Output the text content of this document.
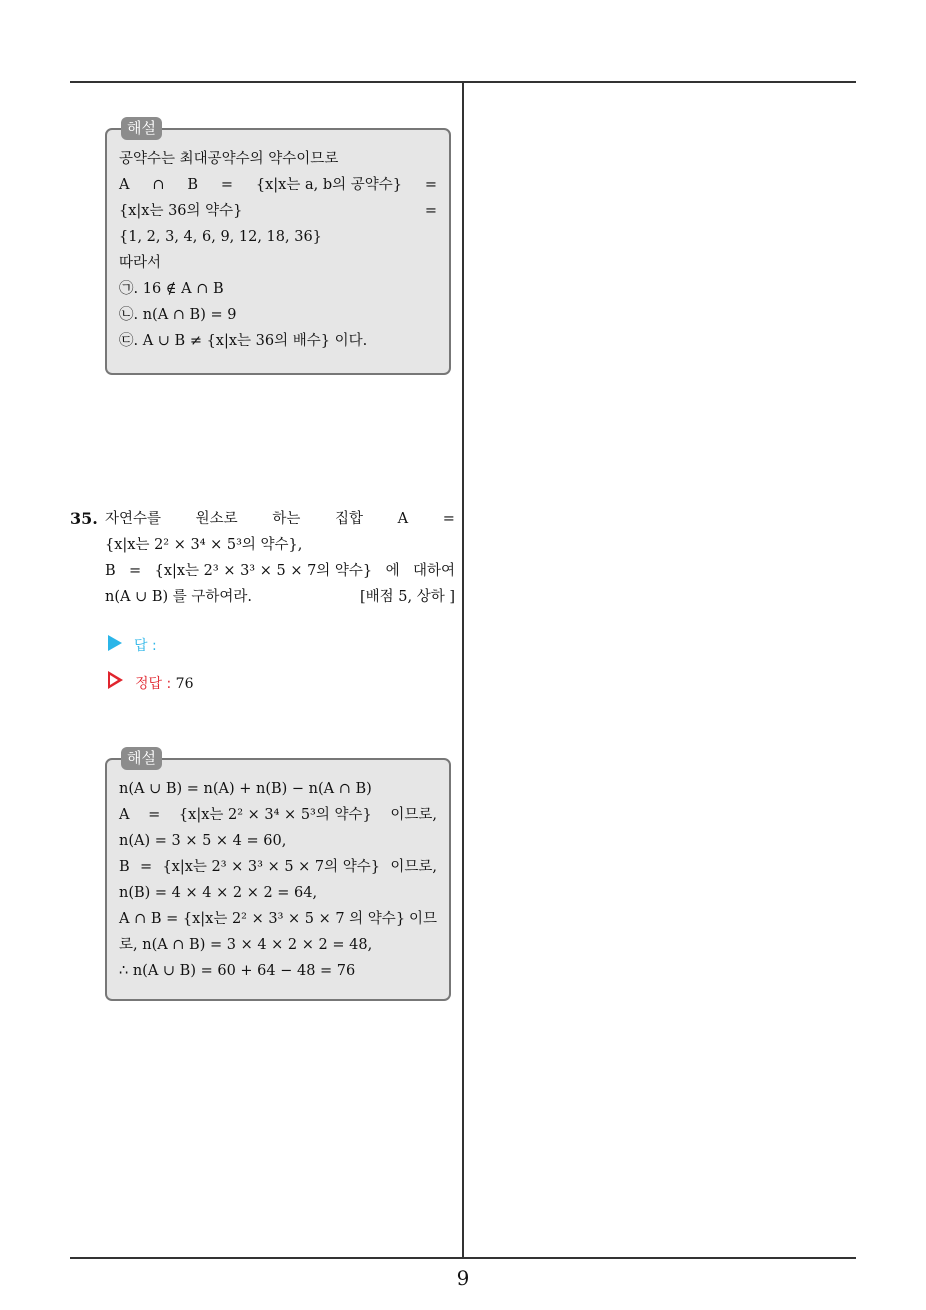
해설
공약수는 최대공약수의 약수이므로
A ∩ B = {x|x는 a, b의 공약수} =
{x|x는 36의 약수}	=
{1, 2, 3, 4, 6, 9, 12, 18, 36}
따라서
㉠. 16 ∉ A ∩ B
㉡. n(A ∩ B) = 9
㉢. A ∪ B ≠ {x|x는 36의 배수} 이다.
35. 자연수를 원소로 하는 집합 A =
{x|x는 2² × 3⁴ × 5³의 약수},
B = {x|x는 2³ × 3³ × 5 × 7의 약수} 에 대하여
n(A ∪ B) 를 구하여라.	[배점 5, 상하 ]
답 :
정답 : 76
해설
n(A ∪ B) = n(A) + n(B) − n(A ∩ B)
A = {x|x는 2² × 3⁴ × 5³의 약수} 이므로,
n(A) = 3 × 5 × 4 = 60,
B = {x|x는 2³ × 3³ × 5 × 7의 약수} 이므로,
n(B) = 4 × 4 × 2 × 2 = 64,
A ∩ B = {x|x는 2² × 3³ × 5 × 7 의 약수} 이므
로, n(A ∩ B) = 3 × 4 × 2 × 2 = 48,
∴ n(A ∪ B) = 60 + 64 − 48 = 76
9
